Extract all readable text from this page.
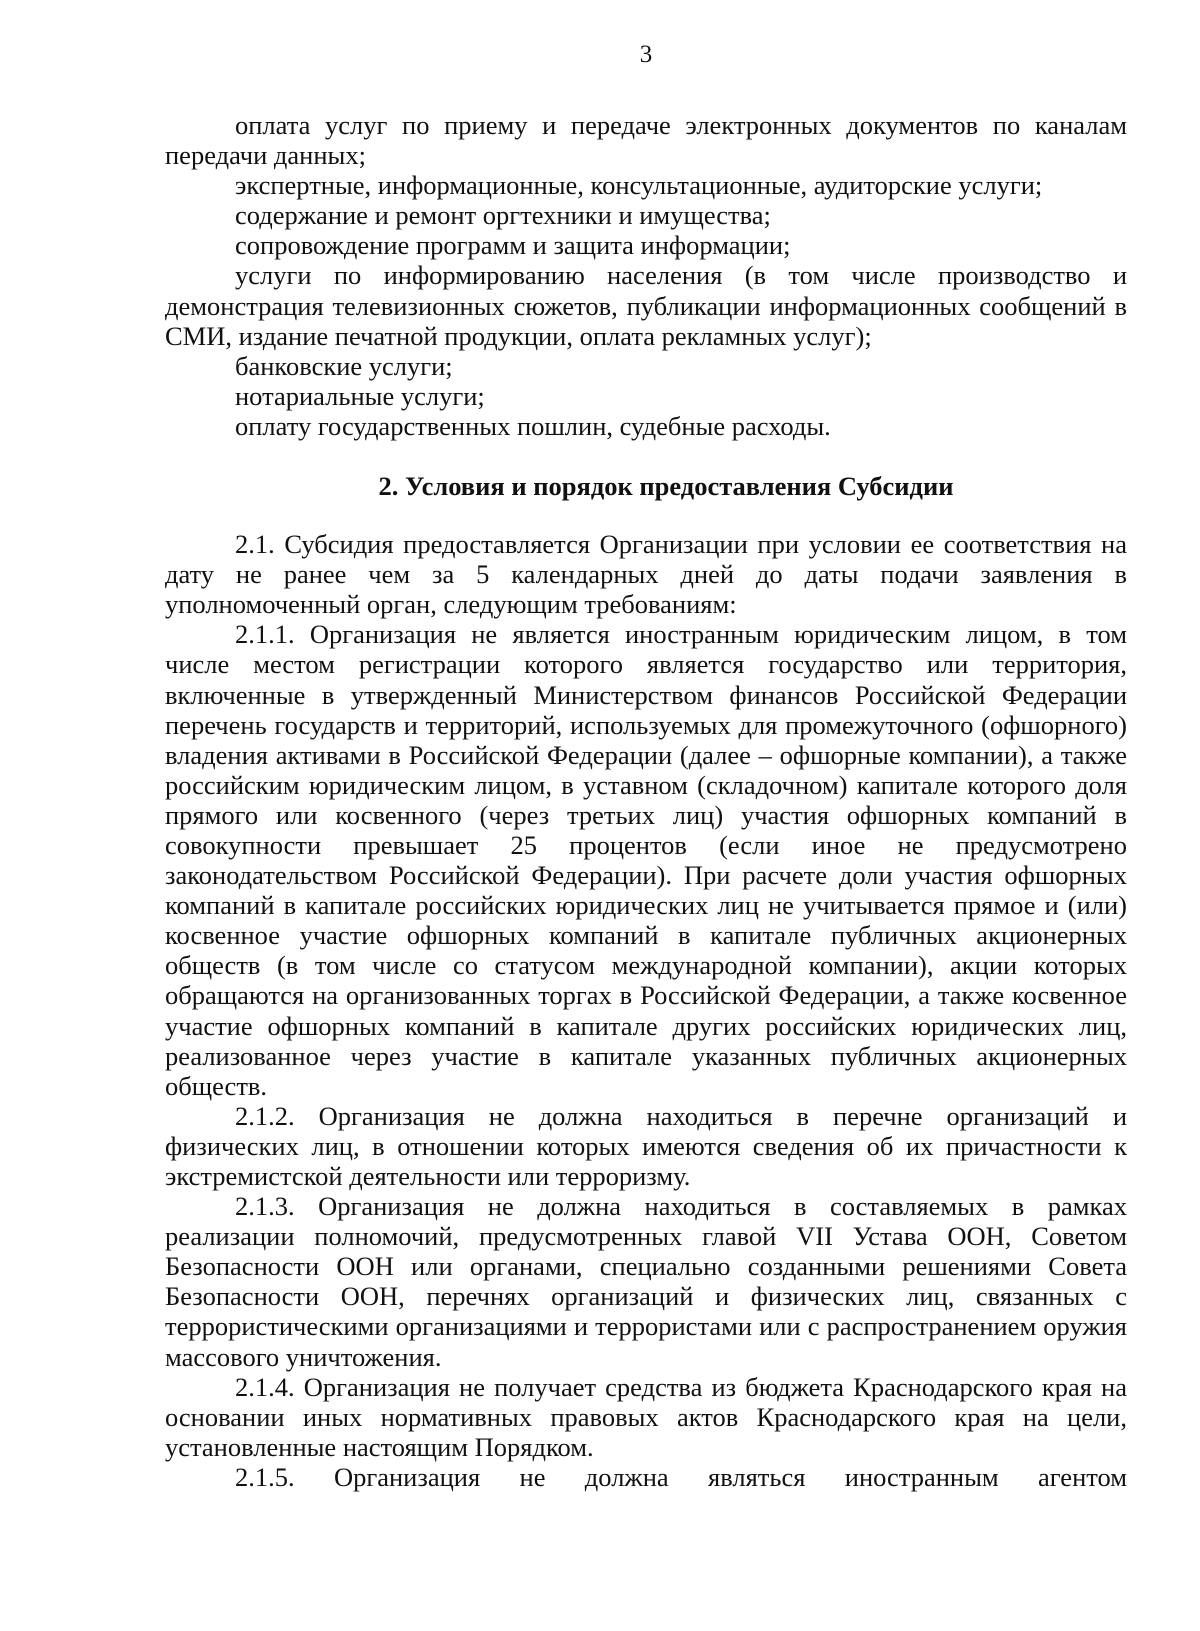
3

оплата услуг по приему и передаче электронных документов по каналам передачи данных;

экспертные, информационные, консультационные, аудиторские услуги;

содержание и ремонт оргтехники и имущества;

сопровождение программ и защита информации;

услуги по информированию населения (в том числе производство и демонстрация телевизионных сюжетов, публикации информационных сообщений в СМИ, издание печатной продукции, оплата рекламных услуг);

банковские услуги;

нотариальные услуги;

оплату государственных пошлин, судебные расходы.

2. Условия и порядок предоставления Субсидии

2.1. Субсидия предоставляется Организации при условии ее соответствия на дату не ранее чем за 5 календарных дней до даты подачи заявления в уполномоченный орган, следующим требованиям:

2.1.1. Организация не является иностранным юридическим лицом, в том числе местом регистрации которого является государство или территория, включенные в утвержденный Министерством финансов Российской Федерации перечень государств и территорий, используемых для промежуточного (офшорного) владения активами в Российской Федерации (далее – офшорные компании), а также российским юридическим лицом, в уставном (складочном) капитале которого доля прямого или косвенного (через третьих лиц) участия офшорных компаний в совокупности превышает 25 процентов (если иное не предусмотрено законодательством Российской Федерации). При расчете доли участия офшорных компаний в капитале российских юридических лиц не учитывается прямое и (или) косвенное участие офшорных компаний в капитале публичных акционерных обществ (в том числе со статусом международной компании), акции которых обращаются на организованных торгах в Российской Федерации, а также косвенное участие офшорных компаний в капитале других российских юридических лиц, реализованное через участие в капитале указанных публичных акционерных обществ.

2.1.2. Организация не должна находиться в перечне организаций и физических лиц, в отношении которых имеются сведения об их причастности к экстремистской деятельности или терроризму.

2.1.3. Организация не должна находиться в составляемых в рамках реализации полномочий, предусмотренных главой VII Устава ООН, Советом Безопасности ООН или органами, специально созданными решениями Совета Безопасности ООН, перечнях организаций и физических лиц, связанных с террористическими организациями и террористами или с распространением оружия массового уничтожения.

2.1.4. Организация не получает средства из бюджета Краснодарского края на основании иных нормативных правовых актов Краснодарского края на цели, установленные настоящим Порядком.

2.1.5. Организация не должна являться иностранным агентом
